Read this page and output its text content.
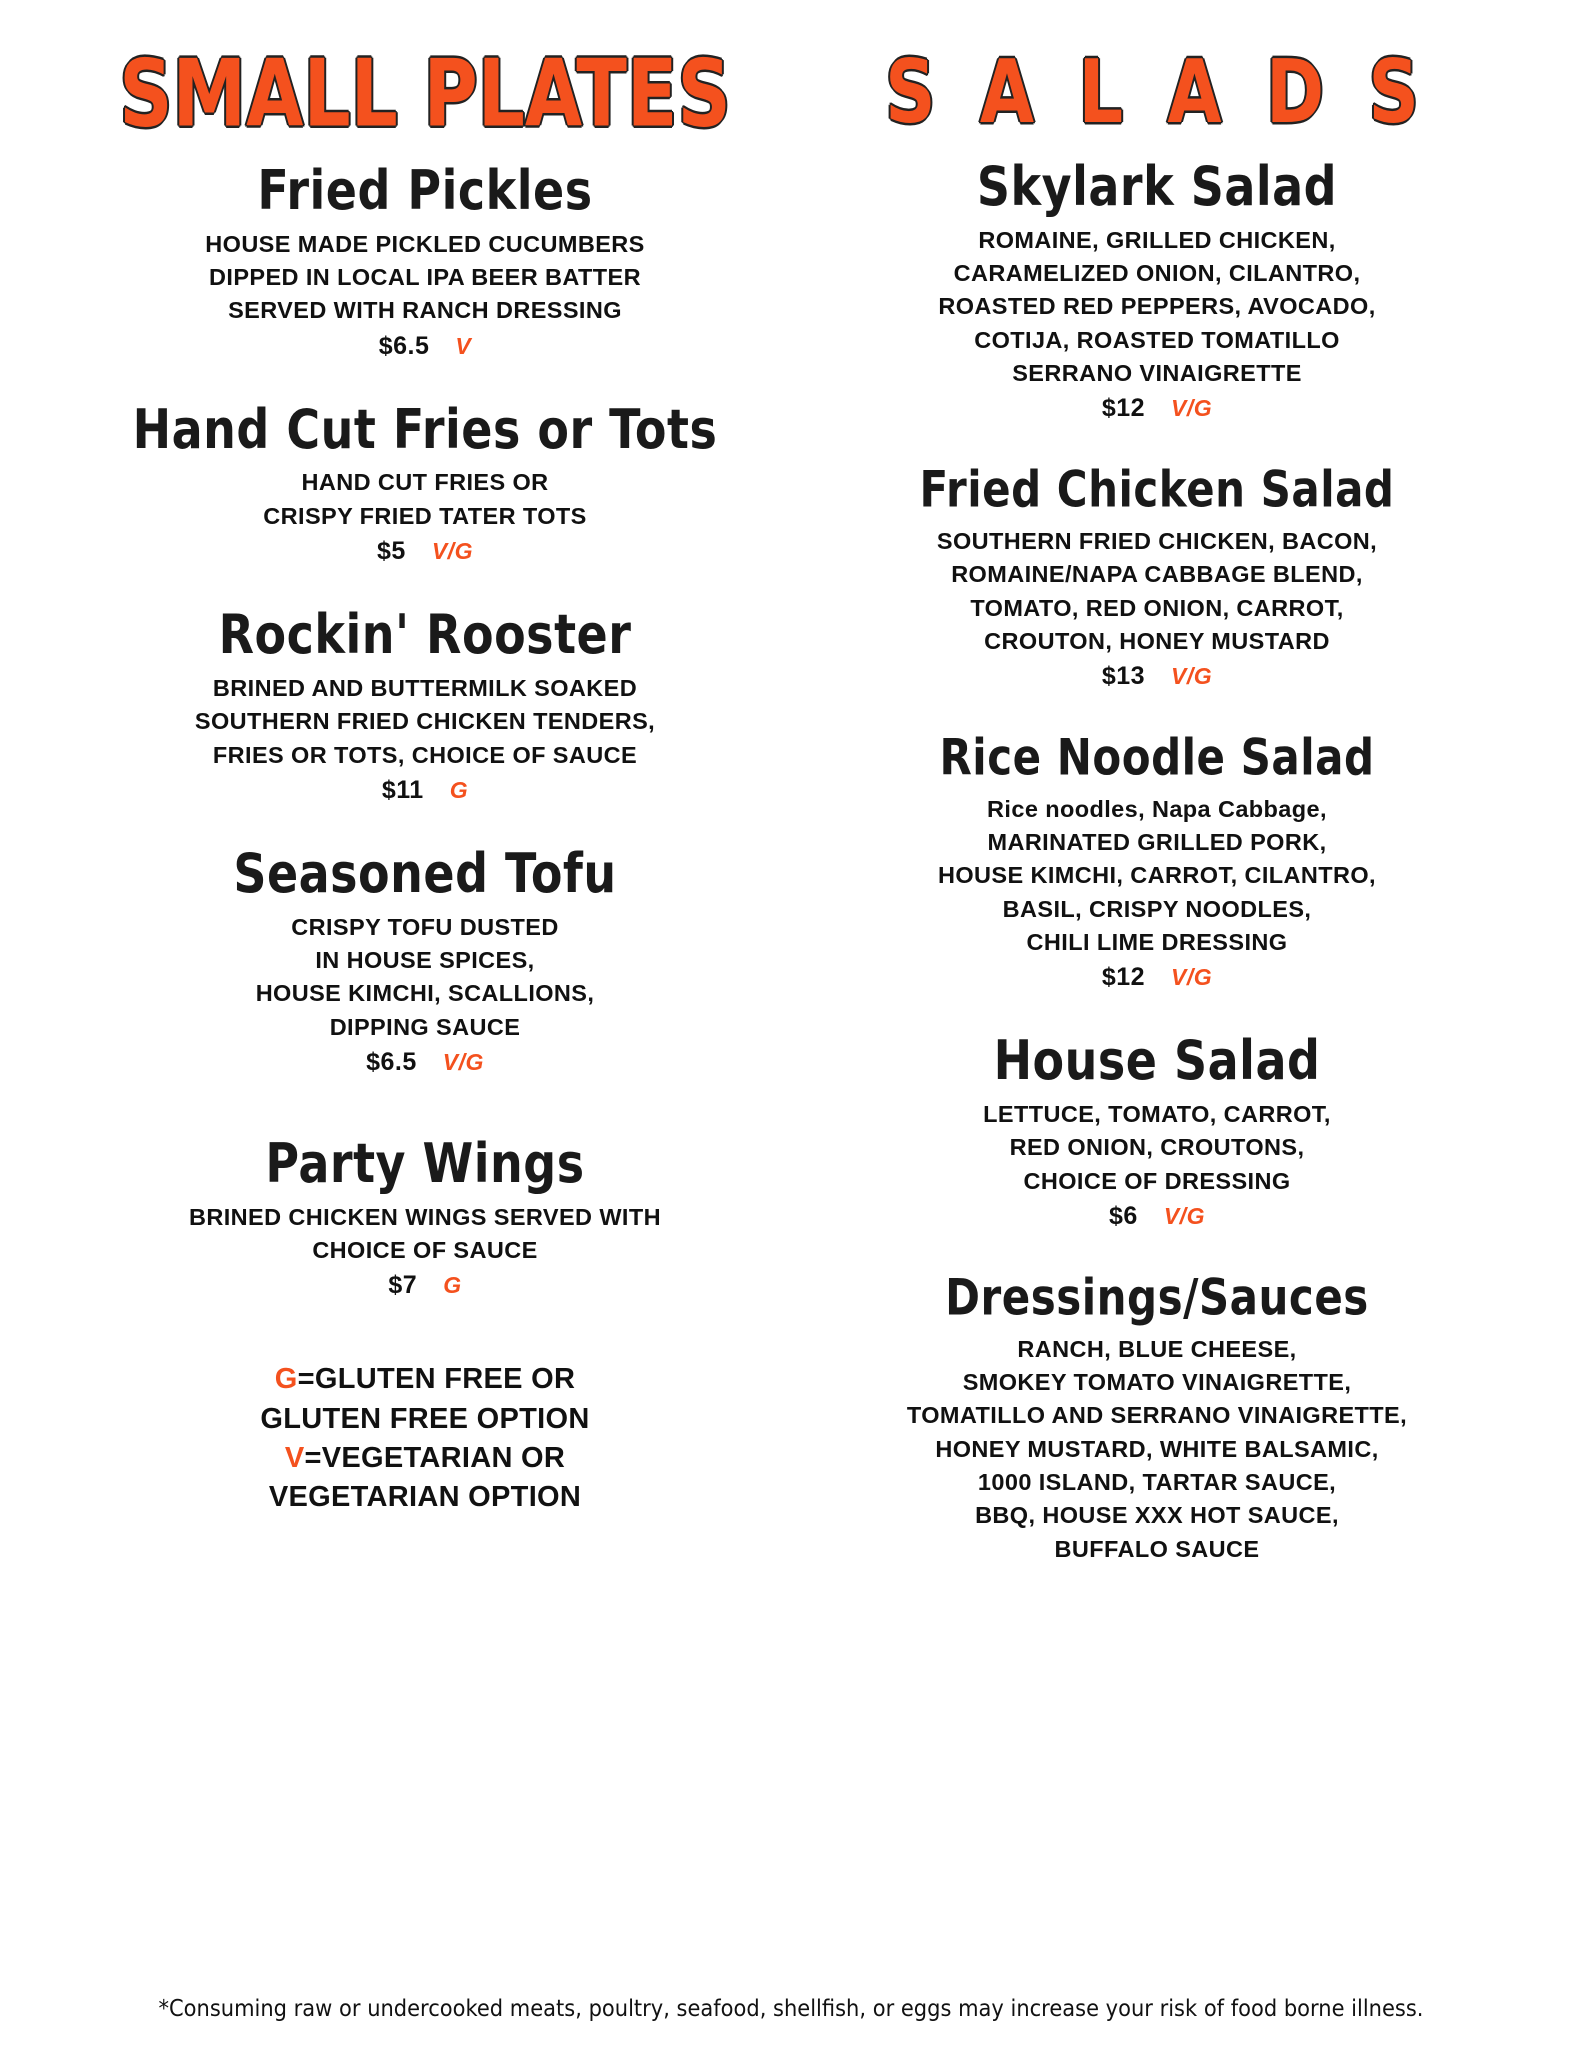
SMALL PLATES
Fried Pickles
HOUSE MADE PICKLED CUCUMBERS
DIPPED IN LOCAL IPA BEER BATTER
SERVED WITH RANCH DRESSING
$6.5 V
Hand Cut Fries or Tots
HAND CUT FRIES OR
CRISPY FRIED TATER TOTS
$5 V/G
Rockin' Rooster
BRINED AND BUTTERMILK SOAKED
SOUTHERN FRIED CHICKEN TENDERS,
FRIES OR TOTS, CHOICE OF SAUCE
$11 G
Seasoned Tofu
CRISPY TOFU DUSTED
IN HOUSE SPICES,
HOUSE KIMCHI, SCALLIONS,
DIPPING SAUCE
$6.5 V/G
Party Wings
BRINED CHICKEN WINGS SERVED WITH
CHOICE OF SAUCE
$7 G
G=GLUTEN FREE OR
GLUTEN FREE OPTION
V=VEGETARIAN OR
VEGETARIAN OPTION
S A L A D S
Skylark Salad
ROMAINE, GRILLED CHICKEN,
CARAMELIZED ONION, CILANTRO,
ROASTED RED PEPPERS, AVOCADO,
COTIJA, ROASTED TOMATILLO
SERRANO VINAIGRETTE
$12 V/G
Fried Chicken Salad
SOUTHERN FRIED CHICKEN, BACON,
ROMAINE/NAPA CABBAGE BLEND,
TOMATO, RED ONION, CARROT,
CROUTON, HONEY MUSTARD
$13 V/G
Rice Noodle Salad
Rice noodles, Napa Cabbage,
MARINATED GRILLED PORK,
HOUSE KIMCHI, CARROT, CILANTRO,
BASIL, CRISPY NOODLES,
CHILI LIME DRESSING
$12 V/G
House Salad
LETTUCE, TOMATO, CARROT,
RED ONION, CROUTONS,
CHOICE OF DRESSING
$6 V/G
Dressings/Sauces
RANCH, BLUE CHEESE,
SMOKEY TOMATO VINAIGRETTE,
TOMATILLO AND SERRANO VINAIGRETTE,
HONEY MUSTARD, WHITE BALSAMIC,
1000 ISLAND, TARTAR SAUCE,
BBQ, HOUSE XXX HOT SAUCE,
BUFFALO SAUCE
*Consuming raw or undercooked meats, poultry, seafood, shellfish, or eggs may increase your risk of food borne illness.
